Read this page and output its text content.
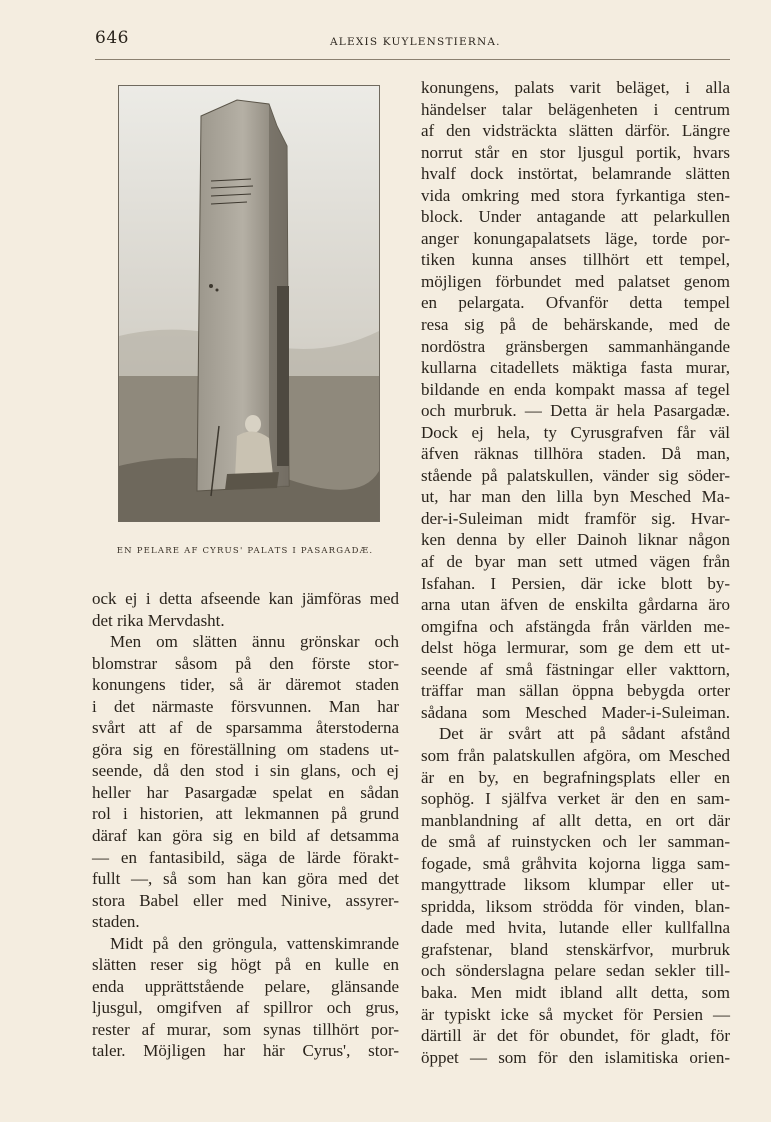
646	ALEXIS KUYLENSTIERNA.
EN PELARE AF CYRUS' PALATS I PASARGADÆ.
ock ej i detta afseende kan jämföras med
det rika Mervdasht.
Men om slätten ännu grönskar och
blomstrar såsom på den förste stor-
konungens tider, så är däremot staden
i det närmaste försvunnen. Man har
svårt att af de sparsamma återstoderna
göra sig en föreställning om stadens ut-
seende, då den stod i sin glans, och ej
heller har Pasargadæ spelat en sådan
rol i historien, att lekmannen på grund
däraf kan göra sig en bild af detsamma
— en fantasibild, säga de lärde förakt-
fullt —, så som han kan göra med det
stora Babel eller med Ninive, assyrer-
staden.
Midt på den gröngula, vattenskimrande
slätten reser sig högt på en kulle en
enda upprättstående pelare, glänsande
ljusgul, omgifven af spillror och grus,
rester af murar, som synas tillhört por-
taler. Möjligen har här Cyrus', stor-
konungens, palats varit beläget, i alla
händelser talar belägenheten i centrum
af den vidsträckta slätten därför. Längre
norrut står en stor ljusgul portik, hvars
hvalf dock instörtat, belamrande slätten
vida omkring med stora fyrkantiga sten-
block. Under antagande att pelarkullen
anger konungapalatsets läge, torde por-
tiken kunna anses tillhört ett tempel,
möjligen förbundet med palatset genom
en pelargata. Ofvanför detta tempel
resa sig på de behärskande, med de
nordöstra gränsbergen sammanhängande
kullarna citadellets mäktiga fasta murar,
bildande en enda kompakt massa af tegel
och murbruk. — Detta är hela Pasargadæ.
Dock ej hela, ty Cyrusgrafven får väl
äfven räknas tillhöra staden. Då man,
stående på palatskullen, vänder sig söder-
ut, har man den lilla byn Mesched Ma-
der-i-Suleiman midt framför sig. Hvar-
ken denna by eller Dainoh liknar någon
af de byar man sett utmed vägen från
Isfahan. I Persien, där icke blott by-
arna utan äfven de enskilta gårdarna äro
omgifna och afstängda från världen me-
delst höga lermurar, som ge dem ett ut-
seende af små fästningar eller vakttorn,
träffar man sällan öppna bebygda orter
sådana som Mesched Mader-i-Suleiman.
Det är svårt att på sådant afstånd
som från palatskullen afgöra, om Mesched
är en by, en begrafningsplats eller en
sophög. I själfva verket är den en sam-
manblandning af allt detta, en ort där
de små af ruinstycken och ler samman-
fogade, små gråhvita kojorna ligga sam-
mangyttrade liksom klumpar eller ut-
spridda, liksom strödda för vinden, blan-
dade med hvita, lutande eller kullfallna
grafstenar, bland stenskärfvor, murbruk
och sönderslagna pelare sedan sekler till-
baka. Men midt ibland allt detta, som
är typiskt icke så mycket för Persien —
därtill är det för obundet, för gladt, för
öppet — som för den islamitiska orien-
